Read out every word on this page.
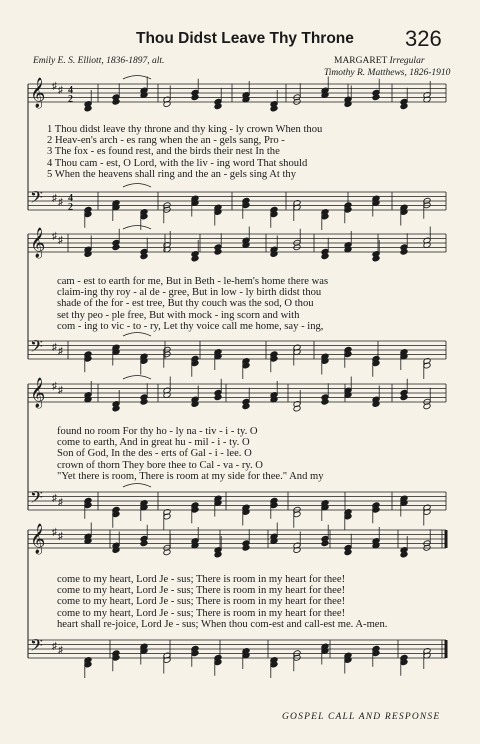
Thou Didst Leave Thy Throne 326
Emily E. S. Elliott, 1836-1897, alt.	MARGARET Irregular
Timothy R. Matthews, 1826-1910
𝄞 ♯ ♯ 4
2
𝄢 ♯ ♯ 4
2
𝄞 ♯ ♯
𝄢 ♯ ♯
𝄞 ♯ ♯
𝄢 ♯ ♯
𝄞 ♯ ♯
𝄢 ♯ ♯
1 Thou didst leave thy throne and thy king - ly crown When thou
2 Heav-en's arch - es rang when the an - gels sang, Pro -
3 The fox - es found rest, and the birds their nest In the
4 Thou cam - est, O Lord, with the liv - ing word That should
5 When the heavens shall ring and the an - gels sing At thy
cam - est to earth for me, But in Beth - le-hem's home there was
claim-ing thy roy - al de - gree, But in low - ly birth didst thou
shade of the for - est tree, But thy couch was the sod, O thou
set thy peo - ple free, But with mock - ing scorn and with
com - ing to vic - to - ry, Let thy voice call me home, say - ing,
found no room For thy ho - ly na - tiv - i - ty. O
come to earth, And in great hu - mil - i - ty. O
Son of God, In the des - erts of Gal - i - lee. O
crown of thorn They bore thee to Cal - va - ry. O
"Yet there is room, There is room at my side for thee." And my
come to my heart, Lord Je - sus; There is room in my heart for thee!
come to my heart, Lord Je - sus; There is room in my heart for thee!
come to my heart, Lord Je - sus; There is room in my heart for thee!
come to my heart, Lord Je - sus; There is room in my heart for thee!
heart shall re-joice, Lord Je - sus; When thou com-est and call-est me. A-men.
GOSPEL CALL AND RESPONSE
